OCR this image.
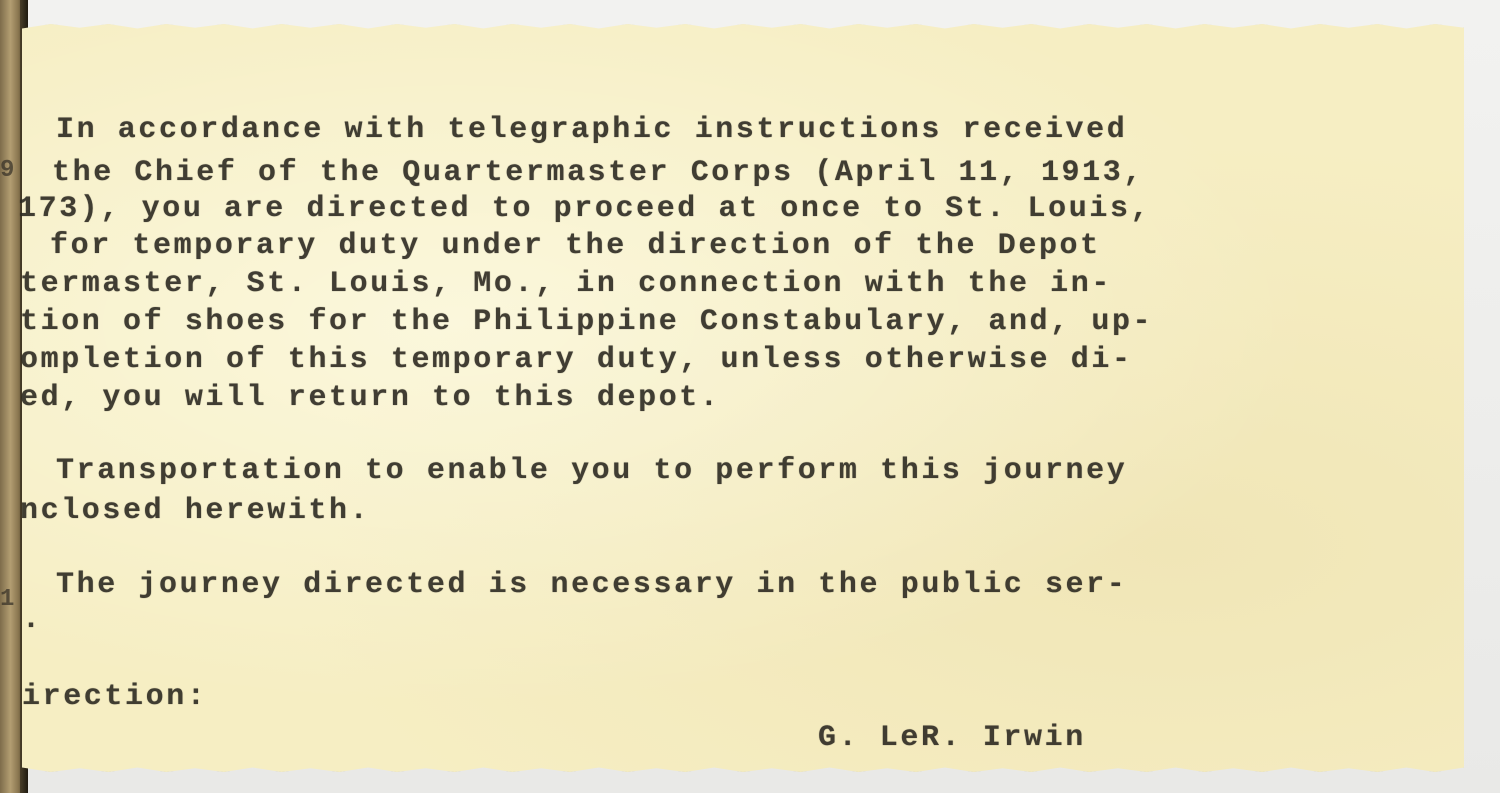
9
1
In accordance with telegraphic instructions received
the Chief of the Quartermaster Corps (April 11, 1913,
173), you are directed to proceed at once to St. Louis,
for temporary duty under the direction of the Depot
termaster, St. Louis, Mo., in connection with the in-
tion of shoes for the Philippine Constabulary, and, up-
ompletion of this temporary duty, unless otherwise di-
ed, you will return to this depot.
Transportation to enable you to perform this journey
nclosed herewith.
The journey directed is necessary in the public ser-
.
irection:
G. LeR. Irwin
